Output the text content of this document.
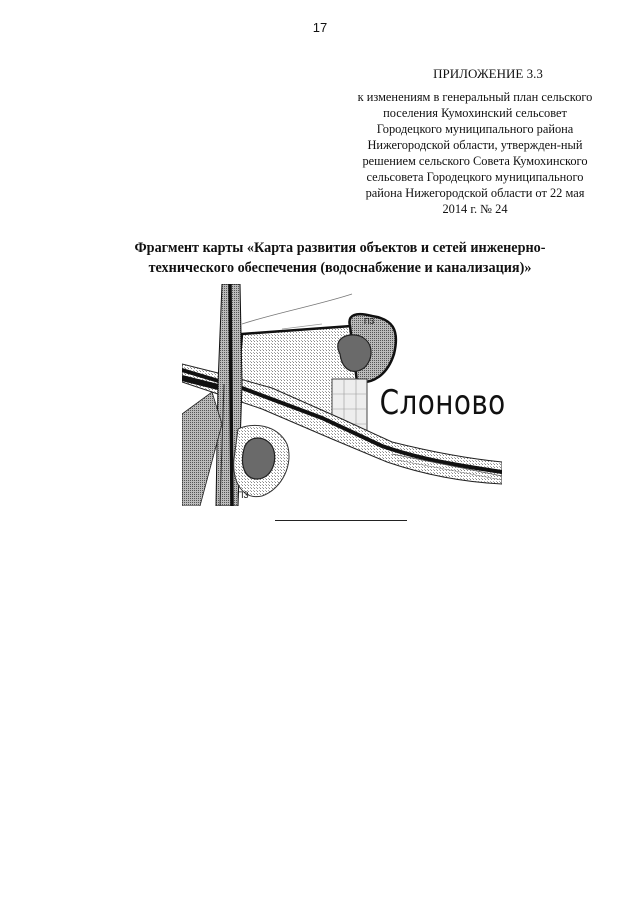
17
ПРИЛОЖЕНИЕ 3.3
к изменениям в генеральный план сельского
поселения Кумохинский сельсовет
Городецкого муниципального района
Нижегородской области, утвержден-ный
решением сельского Совета Кумохинского
сельсовета Городецкого муниципального
района Нижегородской области от 22 мая
2014 г. № 24
Фрагмент карты «Карта развития объектов и сетей инженерно-
технического обеспечения (водоснабжение и канализация)»
П3
П3
Слоново
